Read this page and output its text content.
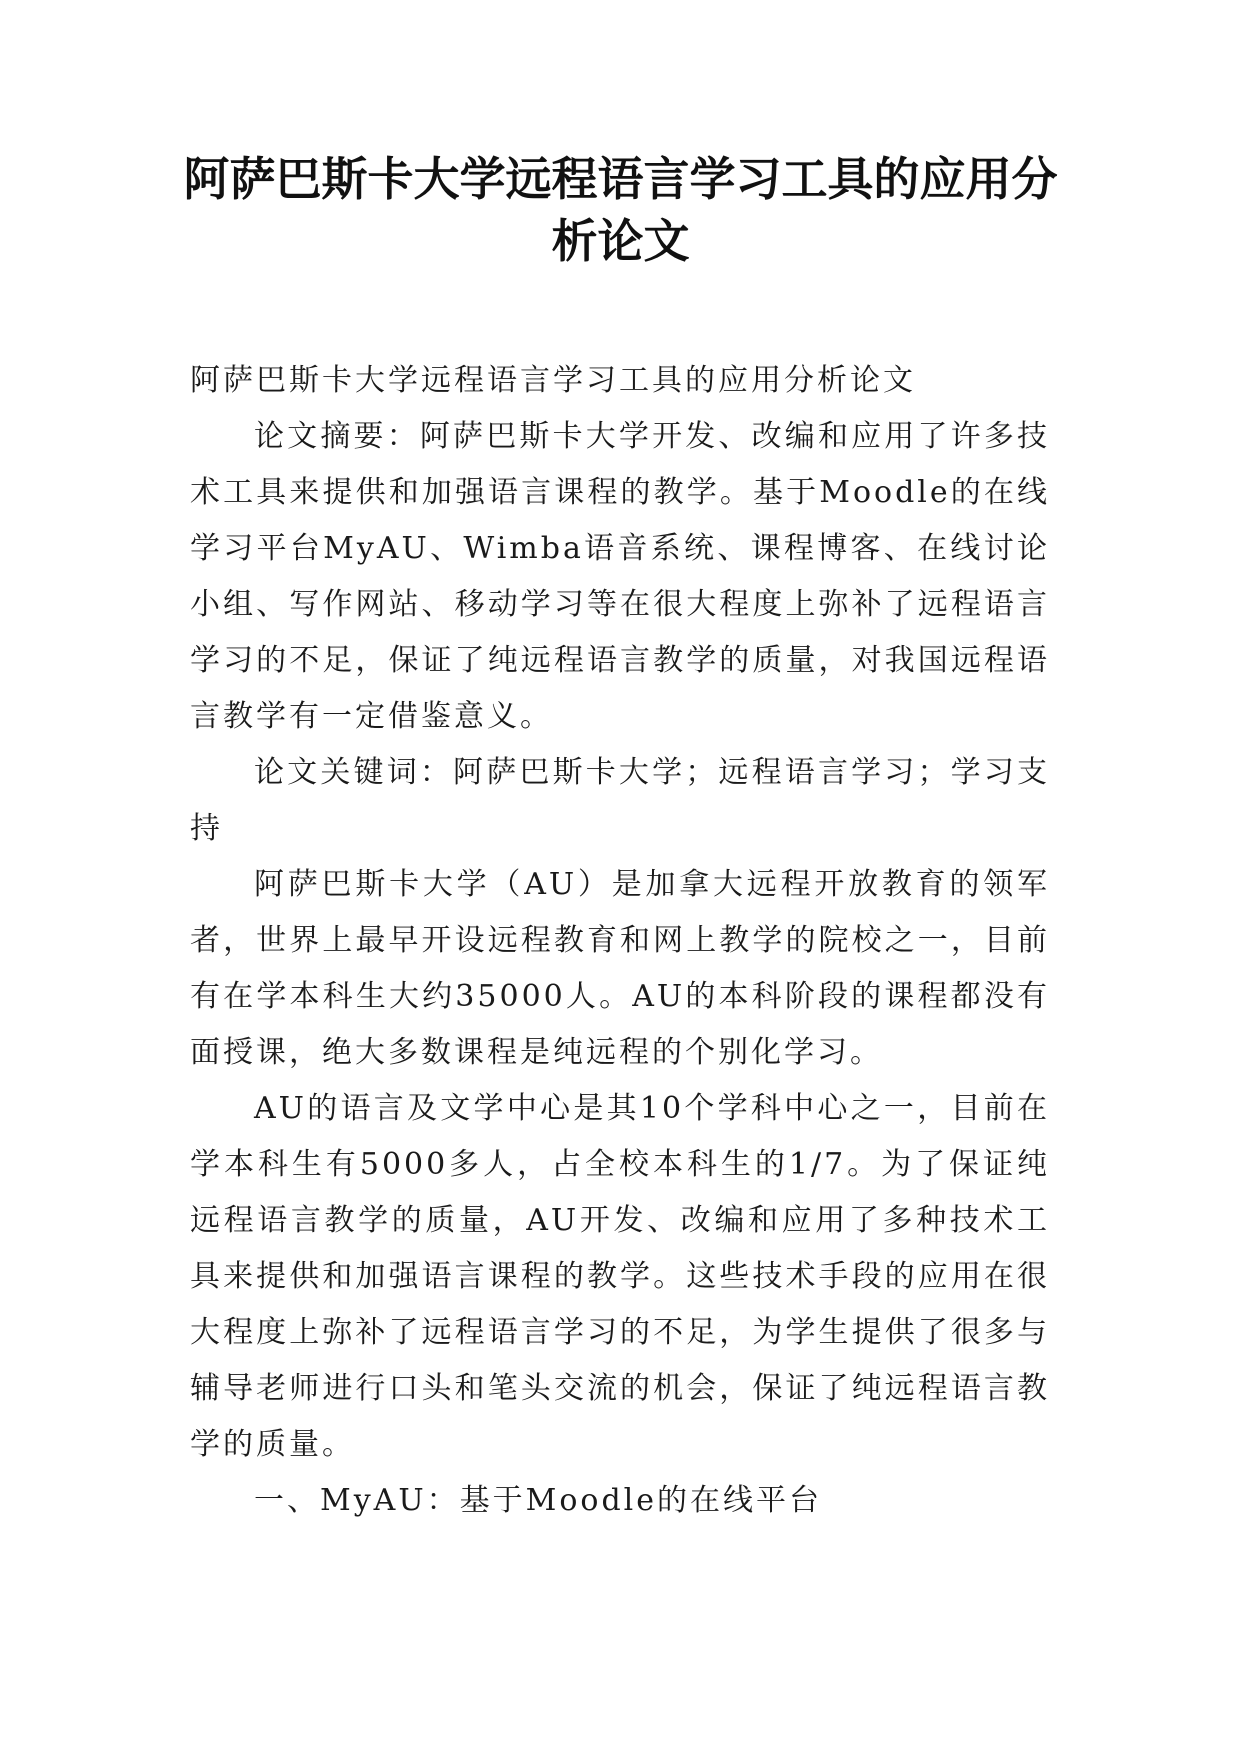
阿萨巴斯卡大学远程语言学习工具的应用分析论文

阿萨巴斯卡大学远程语言学习工具的应用分析论文

论文摘要：阿萨巴斯卡大学开发、改编和应用了许多技术工具来提供和加强语言课程的教学。基于Moodle的在线学习平台MyAU、Wimba语音系统、课程博客、在线讨论小组、写作网站、移动学习等在很大程度上弥补了远程语言学习的不足，保证了纯远程语言教学的质量，对我国远程语言教学有一定借鉴意义。

论文关键词：阿萨巴斯卡大学；远程语言学习；学习支持

阿萨巴斯卡大学（AU）是加拿大远程开放教育的领军者，世界上最早开设远程教育和网上教学的院校之一，目前有在学本科生大约35000人。AU的本科阶段的课程都没有面授课，绝大多数课程是纯远程的个别化学习。

AU的语言及文学中心是其10个学科中心之一，目前在学本科生有5000多人，占全校本科生的1/7。为了保证纯远程语言教学的质量，AU开发、改编和应用了多种技术工具来提供和加强语言课程的教学。这些技术手段的应用在很大程度上弥补了远程语言学习的不足，为学生提供了很多与辅导老师进行口头和笔头交流的机会，保证了纯远程语言教学的质量。

一、MyAU：基于Moodle的在线平台
